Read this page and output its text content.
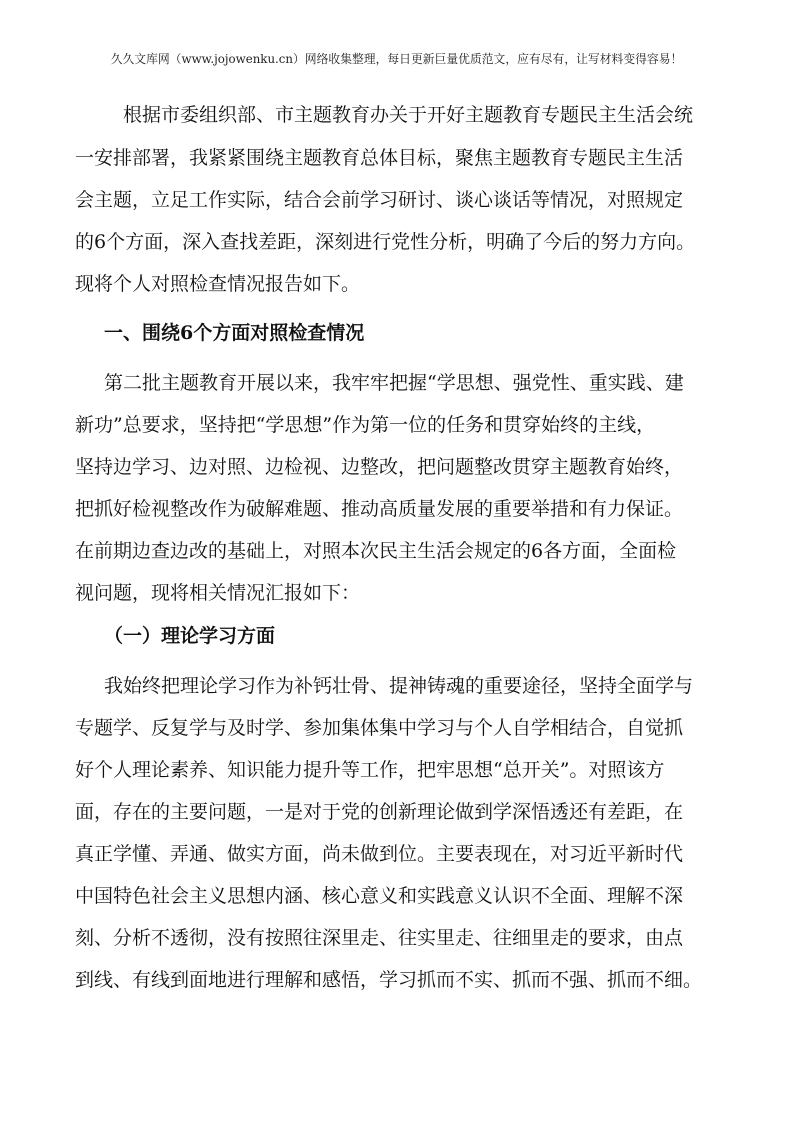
久久文库网（www.jojowenku.cn）网络收集整理，每日更新巨量优质范文，应有尽有，让写材料变得容易！
根据市委组织部、市主题教育办关于开好主题教育专题民主生活会统
一安排部署，我紧紧围绕主题教育总体目标，聚焦主题教育专题民主生活
会主题，立足工作实际，结合会前学习研讨、谈心谈话等情况，对照规定
的6个方面，深入查找差距，深刻进行党性分析，明确了今后的努力方向。
现将个人对照检查情况报告如下。
一、围绕6个方面对照检查情况
第二批主题教育开展以来，我牢牢把握“学思想、强党性、重实践、建
新功”总要求，坚持把“学思想”作为第一位的任务和贯穿始终的主线，
坚持边学习、边对照、边检视、边整改，把问题整改贯穿主题教育始终，
把抓好检视整改作为破解难题、推动高质量发展的重要举措和有力保证。
在前期边查边改的基础上，对照本次民主生活会规定的6各方面，全面检
视问题，现将相关情况汇报如下：
（一）理论学习方面
我始终把理论学习作为补钙壮骨、提神铸魂的重要途径，坚持全面学与
专题学、反复学与及时学、参加集体集中学习与个人自学相结合，自觉抓
好个人理论素养、知识能力提升等工作，把牢思想“总开关”。对照该方
面，存在的主要问题，一是对于党的创新理论做到学深悟透还有差距，在
真正学懂、弄通、做实方面，尚未做到位。主要表现在，对习近平新时代
中国特色社会主义思想内涵、核心意义和实践意义认识不全面、理解不深
刻、分析不透彻，没有按照往深里走、往实里走、往细里走的要求，由点
到线、有线到面地进行理解和感悟，学习抓而不实、抓而不强、抓而不细。
